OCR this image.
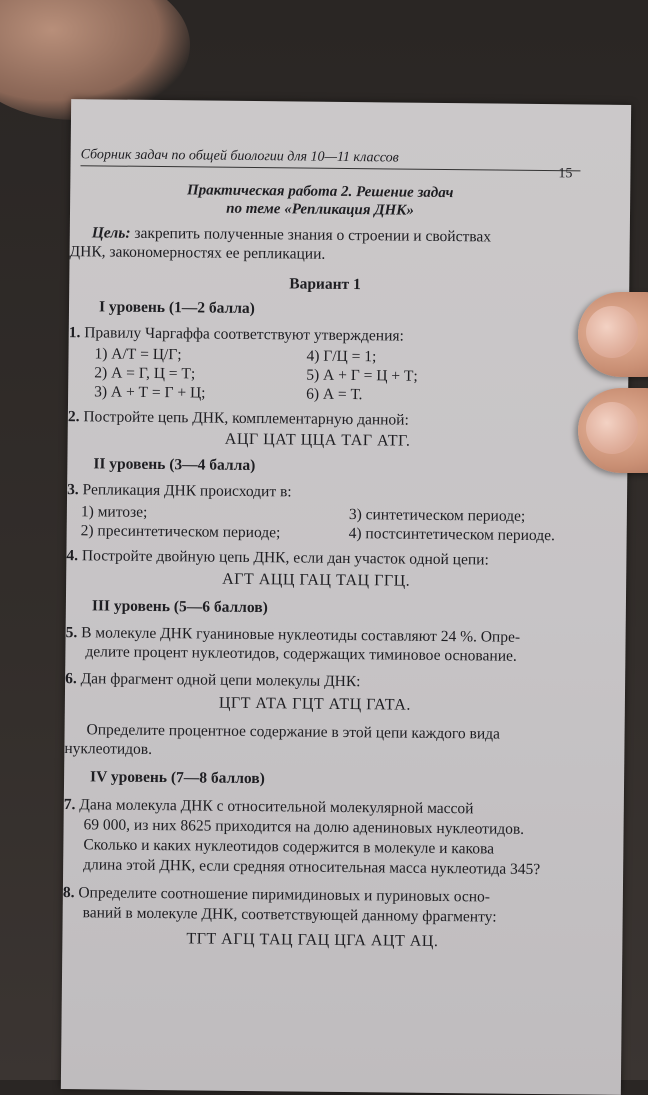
Сборник задач по общей биологии для 10—11 классов
15
Практическая работа 2. Решение задач
по теме «Репликация ДНК»
Цель: закрепить полученные знания о строении и свойствах
ДНК, закономерностях ее репликации.
Вариант 1
I уровень (1—2 балла)
1. Правилу Чаргаффа соответствуют утверждения:
1) А/Т = Ц/Г;
2) А = Г, Ц = Т;
3) А + Т = Г + Ц;
4) Г/Ц = 1;
5) А + Г = Ц + Т;
6) А = Т.
2. Постройте цепь ДНК, комплементарную данной:
АЦГ ЦАТ ЦЦА ТАГ АТГ.
II уровень (3—4 балла)
3. Репликация ДНК происходит в:
1) митозе;
2) пресинтетическом периоде;
3) синтетическом периоде;
4) постсинтетическом периоде.
4. Постройте двойную цепь ДНК, если дан участок одной цепи:
АГТ АЦЦ ГАЦ ТАЦ ГГЦ.
III уровень (5—6 баллов)
5. В молекуле ДНК гуаниновые нуклеотиды составляют 24 %. Опре-
делите процент нуклеотидов, содержащих тиминовое основание.
6. Дан фрагмент одной цепи молекулы ДНК:
ЦГТ АТА ГЦТ АТЦ ГАТА.
Определите процентное содержание в этой цепи каждого вида
нуклеотидов.
IV уровень (7—8 баллов)
7. Дана молекула ДНК с относительной молекулярной массой
69 000, из них 8625 приходится на долю адениновых нуклеотидов.
Сколько и каких нуклеотидов содержится в молекуле и какова
длина этой ДНК, если средняя относительная масса нуклеотида 345?
8. Определите соотношение пиримидиновых и пуриновых осно-
ваний в молекуле ДНК, соответствующей данному фрагменту:
ТГТ АГЦ ТАЦ ГАЦ ЦГА АЦТ АЦ.
